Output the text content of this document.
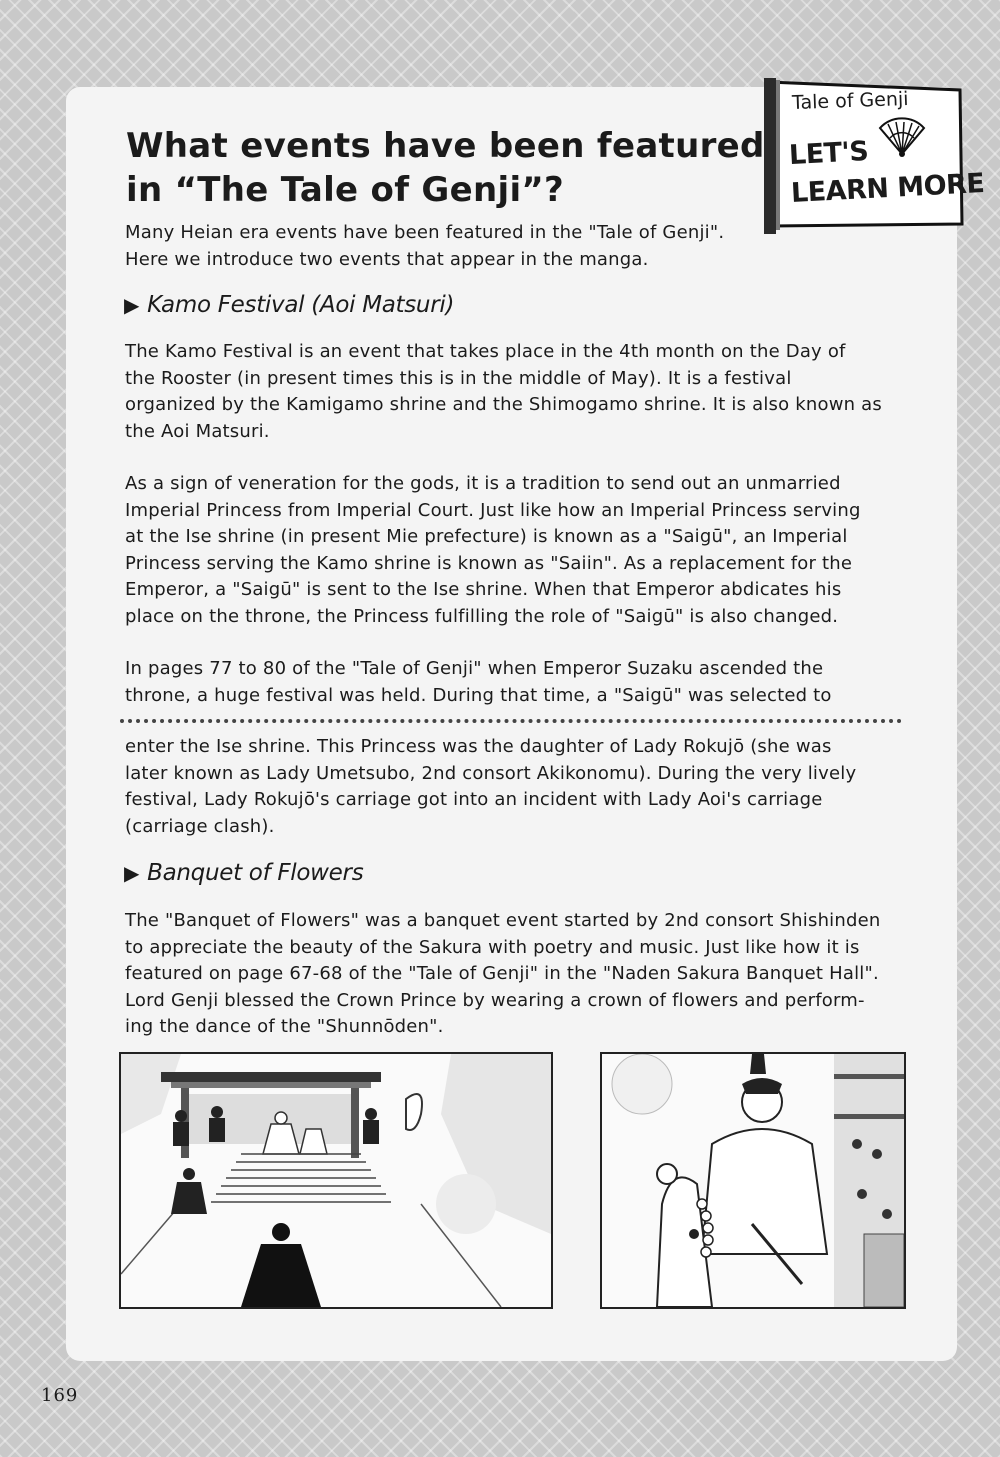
Tale of Genji
LET'S
LEARN MORE
What events have been featured
in “The Tale of Genji”?

Many Heian era events have been featured in the "Tale of Genji".
Here we introduce two events that appear in the manga.

▶ Kamo Festival (Aoi Matsuri)

The Kamo Festival is an event that takes place in the 4th month on the Day of
the Rooster (in present times this is in the middle of May). It is a festival
organized by the Kamigamo shrine and the Shimogamo shrine. It is also known as
the Aoi Matsuri.

As a sign of veneration for the gods, it is a tradition to send out an unmarried
Imperial Princess from Imperial Court. Just like how an Imperial Princess serving
at the Ise shrine (in present Mie prefecture) is known as a "Saigū", an Imperial
Princess serving the Kamo shrine is known as "Saiin". As a replacement for the
Emperor, a "Saigū" is sent to the Ise shrine. When that Emperor abdicates his
place on the throne, the Princess fulfilling the role of "Saigū" is also changed.

In pages 77 to 80 of the "Tale of Genji" when Emperor Suzaku ascended the
throne, a huge festival was held. During that time, a "Saigū" was selected to

enter the Ise shrine. This Princess was the daughter of Lady Rokujō (she was
later known as Lady Umetsubo, 2nd consort Akikonomu). During the very lively
festival, Lady Rokujō's carriage got into an incident with Lady Aoi's carriage
(carriage clash).

▶ Banquet of Flowers

The "Banquet of Flowers" was a banquet event started by 2nd consort Shishinden
to appreciate the beauty of the Sakura with poetry and music. Just like how it is
featured on page 67-68 of the "Tale of Genji" in the "Naden Sakura Banquet Hall".
Lord Genji blessed the Crown Prince by wearing a crown of flowers and perform-
ing the dance of the "Shunnōden".

169
